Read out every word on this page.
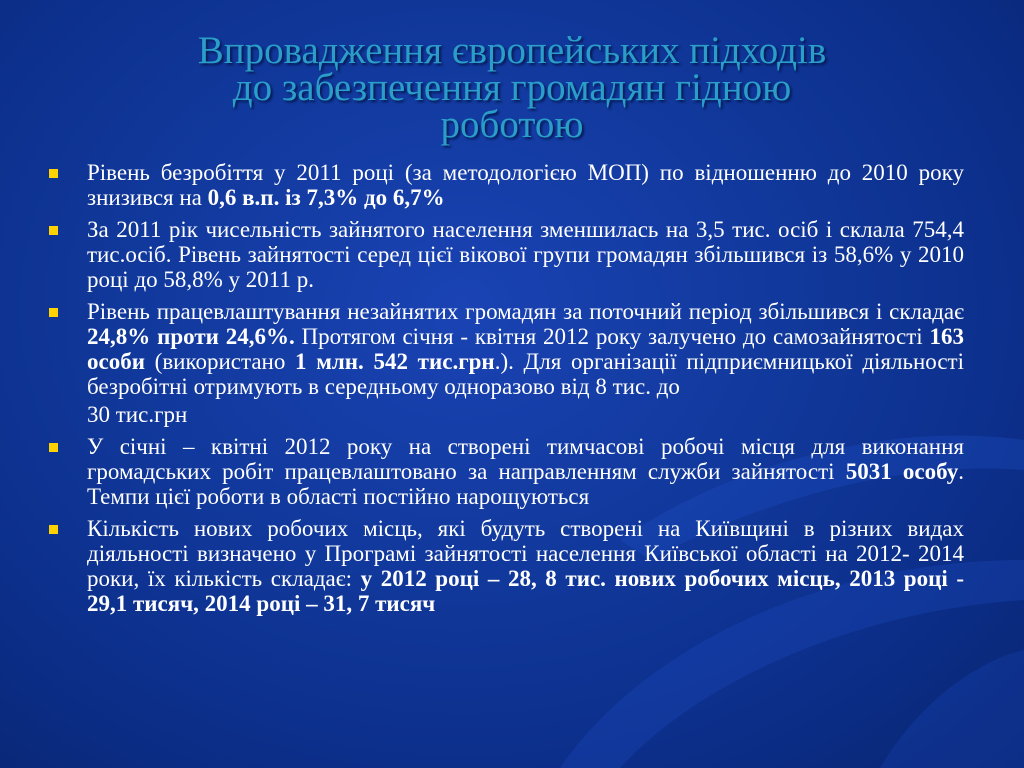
Впровадження європейських підходів
до забезпечення громадян гідною
роботою

Рівень безробіття у 2011 році (за методологією МОП) по відношенню до 2010 року знизився на 0,6 в.п. із 7,3% до 6,7%

За 2011 рік чисельність зайнятого населення зменшилась на 3,5 тис. осіб і склала 754,4 тис.осіб. Рівень зайнятості серед цієї вікової групи громадян збільшився із 58,6% у 2010 році до 58,8% у 2011 р.

Рівень працевлаштування незайнятих громадян за поточний період збільшився і складає 24,8% проти 24,6%. Протягом січня - квітня 2012 року залучено до самозайнятості 163 особи (використано 1 млн. 542 тис.грн.). Для організації підприємницької діяльності безробітні отримують в середньому одноразово від 8 тис. до

30 тис.грн

У січні – квітні 2012 року на створені тимчасові робочі місця для виконання громадських робіт працевлаштовано за направленням служби зайнятості 5031 особу. Темпи цієї роботи в області постійно нарощуються

Кількість нових робочих місць, які будуть створені на Київщині в різних видах діяльності визначено у Програмі зайнятості населення Київської області на 2012- 2014 роки, їх кількість складає: у 2012 році – 28, 8 тис. нових робочих місць, 2013 році - 29,1 тисяч, 2014 році – 31, 7 тисяч
